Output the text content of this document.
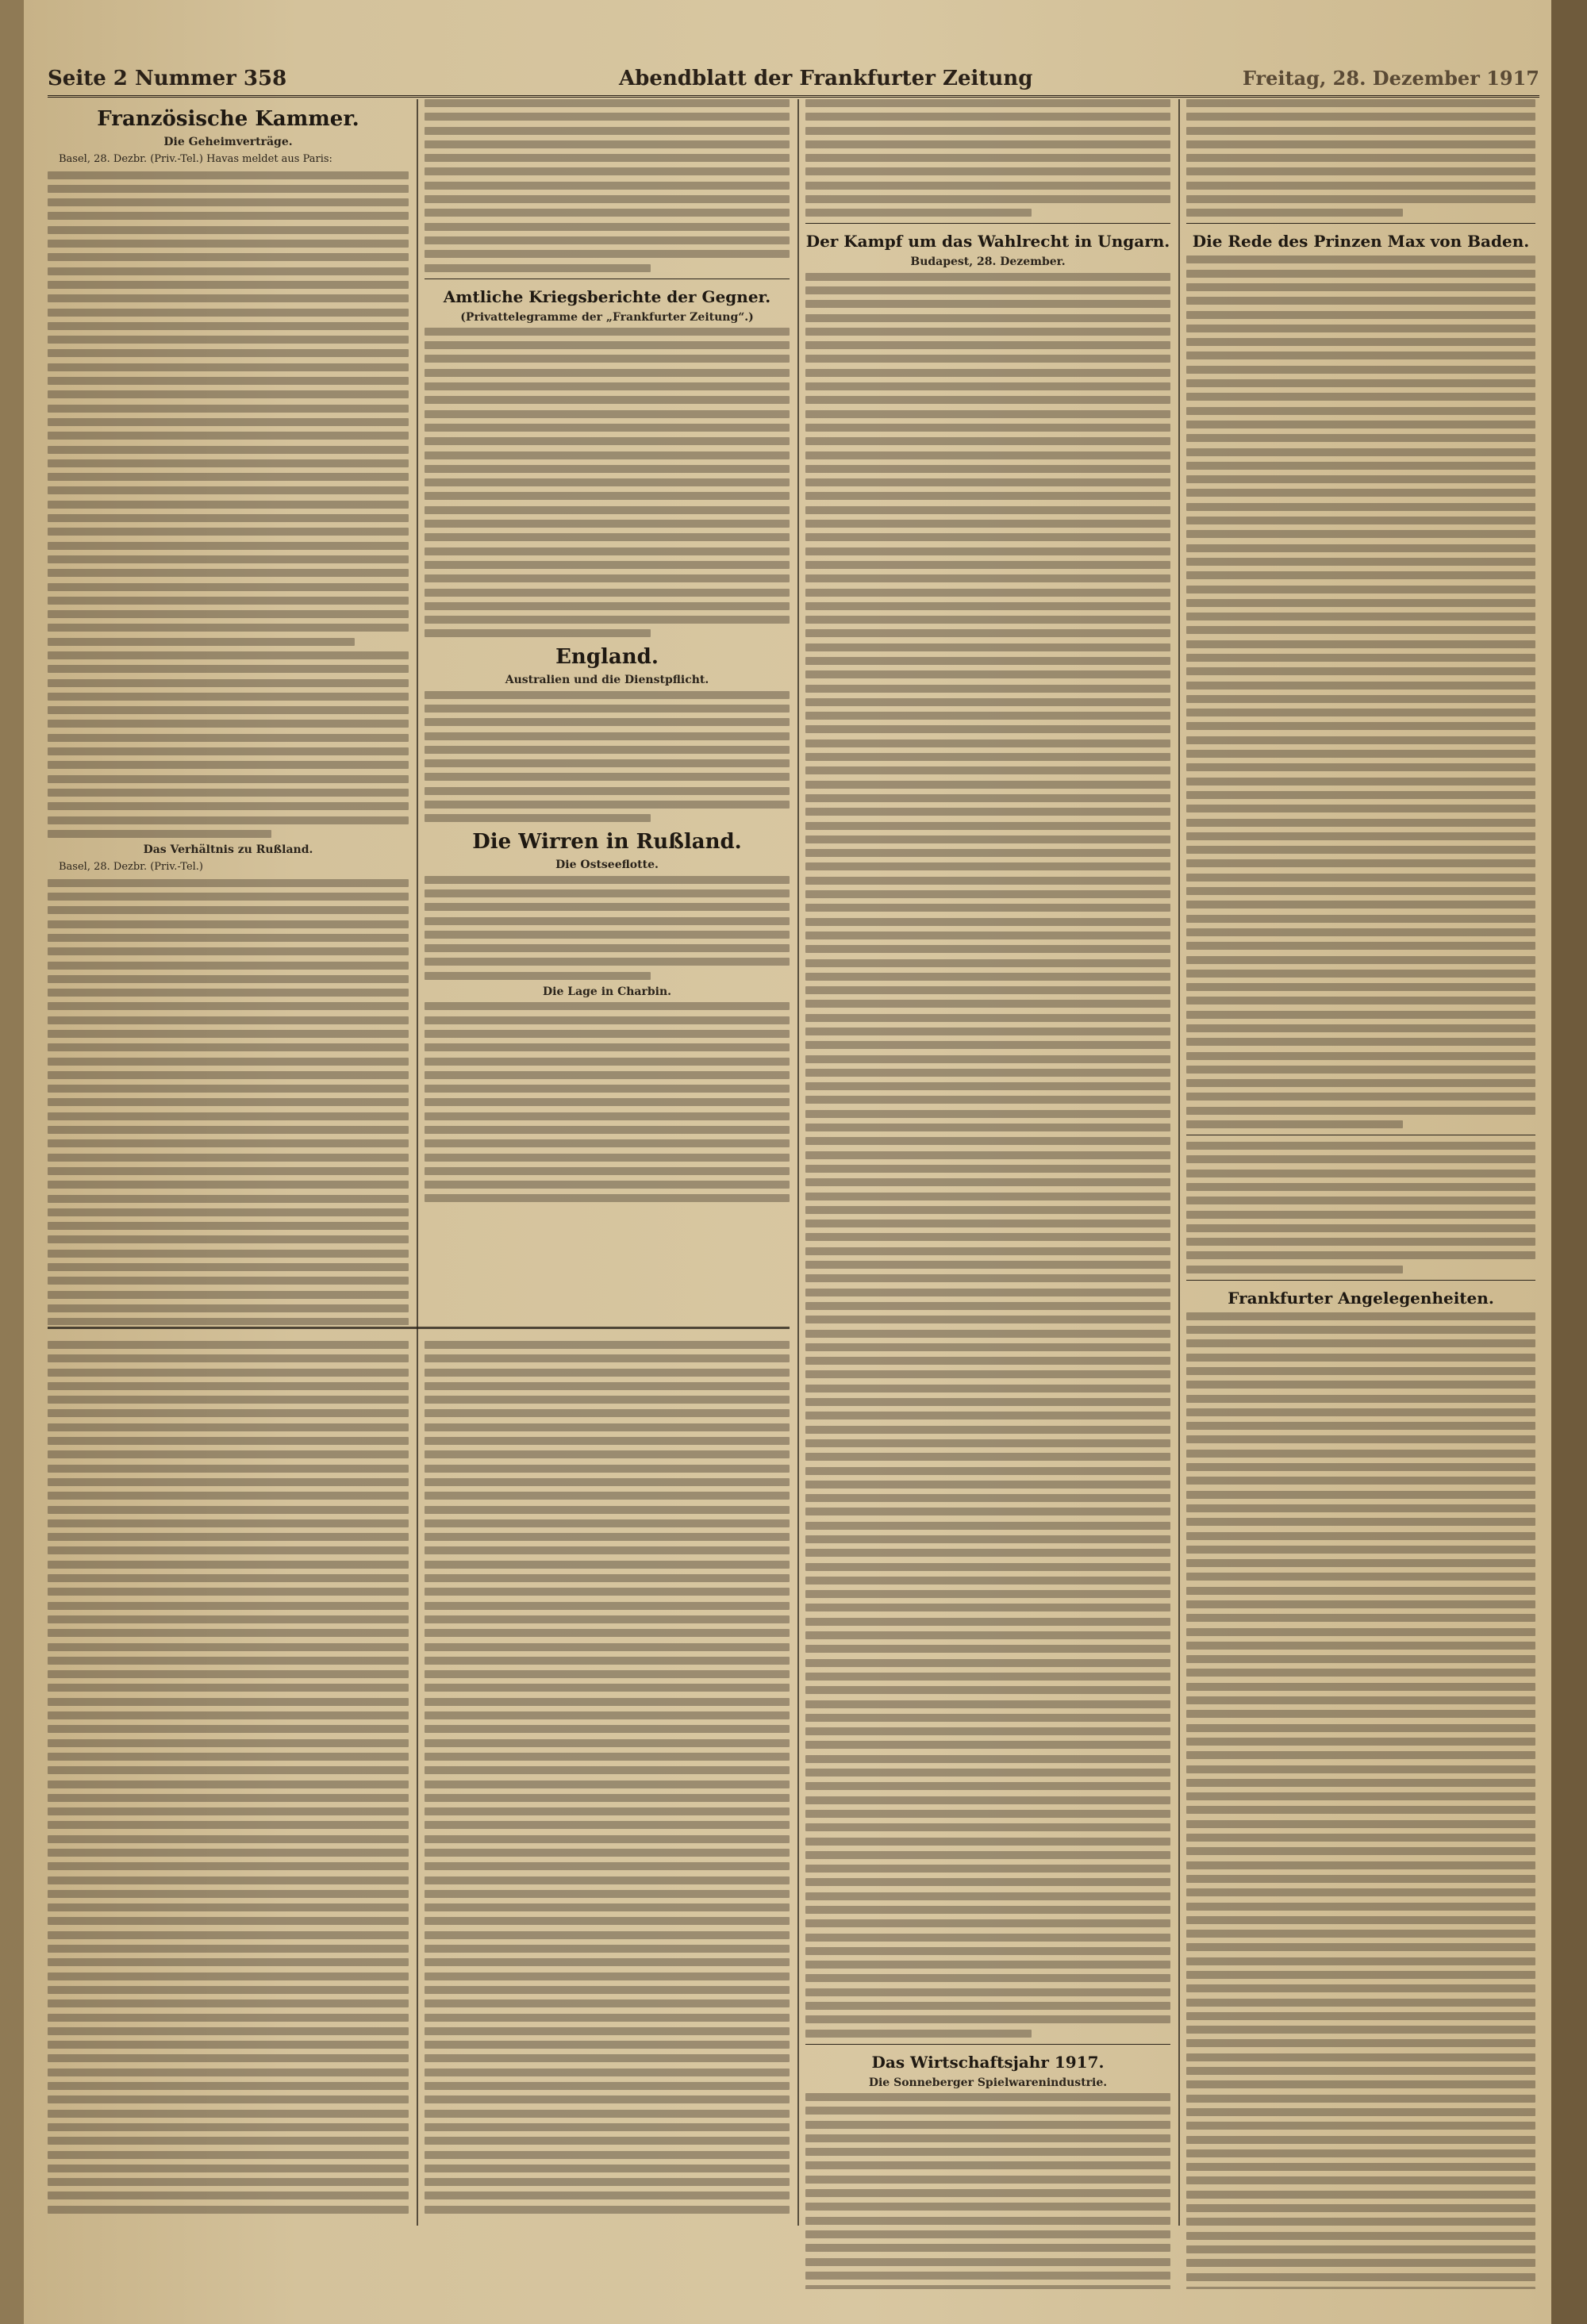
Seite 2 Nummer 358	Abendblatt der Frankfurter Zeitung	Freitag, 28. Dezember 1917
Französische Kammer.
Die Geheimverträge.

Basel, 28. Dezbr. (Priv.-Tel.) Havas meldet aus Paris:

Das Verhältnis zu Rußland.

Basel, 28. Dezbr. (Priv.-Tel.)

Amtliche Kriegsberichte der Gegner.
(Privattelegramme der „Frankfurter Zeitung“.)
England.
Australien und die Dienstpflicht.
Die Wirren in Rußland.
Die Ostseeflotte.
Die Lage in Charbin.
Der Kampf um das Wahlrecht in Ungarn.
Budapest, 28. Dezember.
Das Wirtschaftsjahr 1917.
Die Sonneberger Spielwarenindustrie.
Die Rede des Prinzen Max von Baden.
Frankfurter Angelegenheiten.
